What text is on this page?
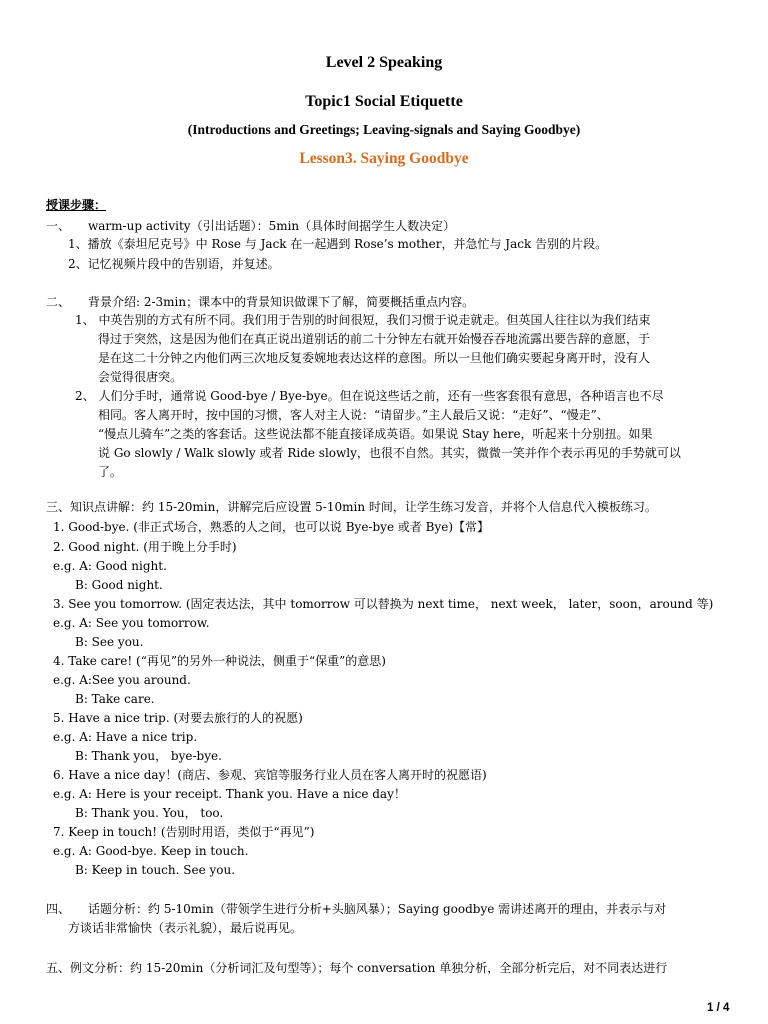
Level 2 Speaking
Topic1 Social Etiquette
(Introductions and Greetings; Leaving-signals and Saying Goodbye)
Lesson3. Saying Goodbye
授课步骤：
一、　　warm-up activity（引出话题）：5min（具体时间据学生人数决定）
1、播放《泰坦尼克号》中 Rose 与 Jack 在一起遇到 Rose’s mother，并急忙与 Jack 告别的片段。
2、记忆视频片段中的告别语，并复述。
二、　　背景介绍: 2-3min；课本中的背景知识做课下了解，简要概括重点内容。
1、 中英告别的方式有所不同。我们用于告别的时间很短，我们习惯于说走就走。但英国人往往以为我们结束
得过于突然，这是因为他们在真正说出道别话的前二十分钟左右就开始慢吞吞地流露出要告辞的意愿，于
是在这二十分钟之内他们两三次地反复委婉地表达这样的意图。所以一旦他们确实要起身离开时，没有人
会觉得很唐突。
2、 人们分手时，通常说 Good-bye / Bye-bye。但在说这些话之前，还有一些客套很有意思，各种语言也不尽
相同。客人离开时，按中国的习惯，客人对主人说：“请留步。”主人最后又说：“走好”、“慢走”、
“慢点儿骑车”之类的客套话。这些说法都不能直接译成英语。如果说 Stay here，听起来十分别扭。如果
说 Go slowly / Walk slowly 或者 Ride slowly，也很不自然。其实，微微一笑并作个表示再见的手势就可以
了。
三、知识点讲解：约 15-20min，讲解完后应设置 5-10min 时间，让学生练习发音，并将个人信息代入模板练习。
1. Good-bye. (非正式场合，熟悉的人之间，也可以说 Bye-bye 或者 Bye)【常】
2. Good night. (用于晚上分手时)
e.g. A: Good night.
B: Good night.
3. See you tomorrow. (固定表达法，其中 tomorrow 可以替换为 next time， next week， later，soon，around 等)
e.g. A: See you tomorrow.
B: See you.
4. Take care! (“再见”的另外一种说法，侧重于“保重”的意思)
e.g. A:See you around.
B: Take care.
5. Have a nice trip. (对要去旅行的人的祝愿)
e.g. A: Have a nice trip.
B: Thank you， bye-bye.
6. Have a nice day！(商店、参观、宾馆等服务行业人员在客人离开时的祝愿语)
e.g. A: Here is your receipt. Thank you. Have a nice day！
B: Thank you. You， too.
7. Keep in touch! (告别时用语，类似于“再见”)
e.g. A: Good-bye. Keep in touch.
B: Keep in touch. See you.
四、　　话题分析：约 5-10min（带领学生进行分析+头脑风暴）；Saying goodbye 需讲述离开的理由，并表示与对
方谈话非常愉快（表示礼貌），最后说再见。
五、例文分析：约 15-20min（分析词汇及句型等）；每个 conversation 单独分析，全部分析完后，对不同表达进行
1 / 4
